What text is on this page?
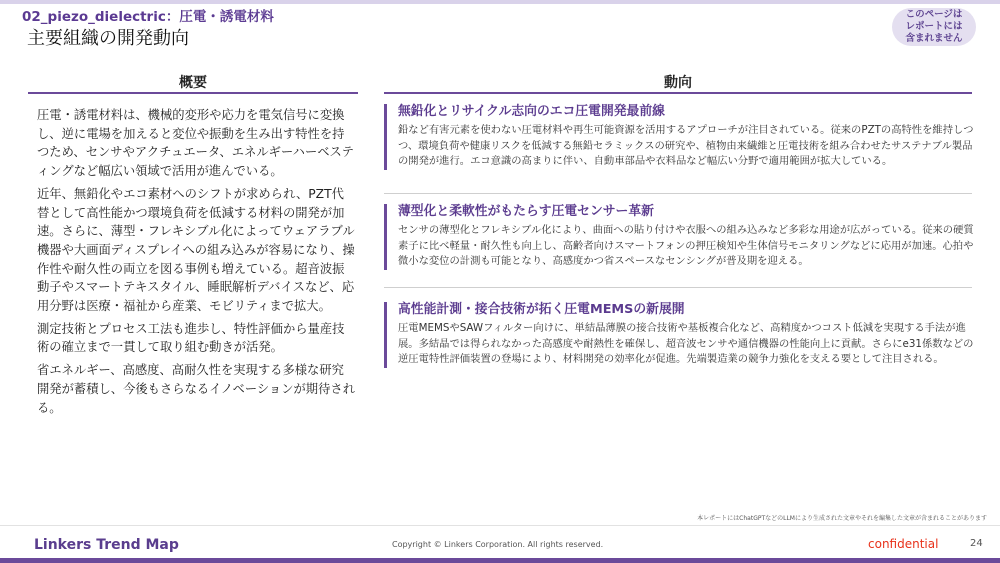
02_piezo_dielectric：圧電・誘電材料
主要組織の開発動向
このページは
レポートには
含まれません
概要	動向

圧電・誘電材料は、機械的変形や応力を電気信号に変換し、逆に電場を加えると変位や振動を生み出す特性を持つため、センサやアクチュエータ、エネルギーハーベスティングなど幅広い領域で活用が進んでいる。

近年、無鉛化やエコ素材へのシフトが求められ、PZT代替として高性能かつ環境負荷を低減する材料の開発が加速。さらに、薄型・フレキシブル化によってウェアラブル機器や大画面ディスプレイへの組み込みが容易になり、操作性や耐久性の両立を図る事例も増えている。超音波振動子やスマートテキスタイル、睡眠解析デバイスなど、応用分野は医療・福祉から産業、モビリティまで拡大。

測定技術とプロセス工法も進歩し、特性評価から量産技術の確立まで一貫して取り組む動きが活発。

省エネルギー、高感度、高耐久性を実現する多様な研究開発が蓄積し、今後もさらなるイノベーションが期待される。

無鉛化とリサイクル志向のエコ圧電開発最前線
鉛など有害元素を使わない圧電材料や再生可能資源を活用するアプローチが注目されている。従来のPZTの高特性を維持しつつ、環境負荷や健康リスクを低減する無鉛セラミックスの研究や、植物由来繊維と圧電技術を組み合わせたサステナブル製品の開発が進行。エコ意識の高まりに伴い、自動車部品や衣料品など幅広い分野で適用範囲が拡大している。
薄型化と柔軟性がもたらす圧電センサー革新
センサの薄型化とフレキシブル化により、曲面への貼り付けや衣服への組み込みなど多彩な用途が広がっている。従来の硬質素子に比べ軽量・耐久性も向上し、高齢者向けスマートフォンの押圧検知や生体信号モニタリングなどに応用が加速。心拍や微小な変位の計測も可能となり、高感度かつ省スペースなセンシングが普及期を迎える。
高性能計測・接合技術が拓く圧電MEMSの新展開
圧電MEMSやSAWフィルター向けに、単結晶薄膜の接合技術や基板複合化など、高精度かつコスト低減を実現する手法が進展。多結晶では得られなかった高感度や耐熱性を確保し、超音波センサや通信機器の性能向上に貢献。さらにe31係数などの逆圧電特性評価装置の登場により、材料開発の効率化が促進。先端製造業の競争力強化を支える要として注目される。
本レポートにはChatGPTなどのLLMにより生成された文章やそれを編集した文章が含まれることがあります
Linkers Trend Map	Copyright © Linkers Corporation. All rights reserved.	confidential	24
